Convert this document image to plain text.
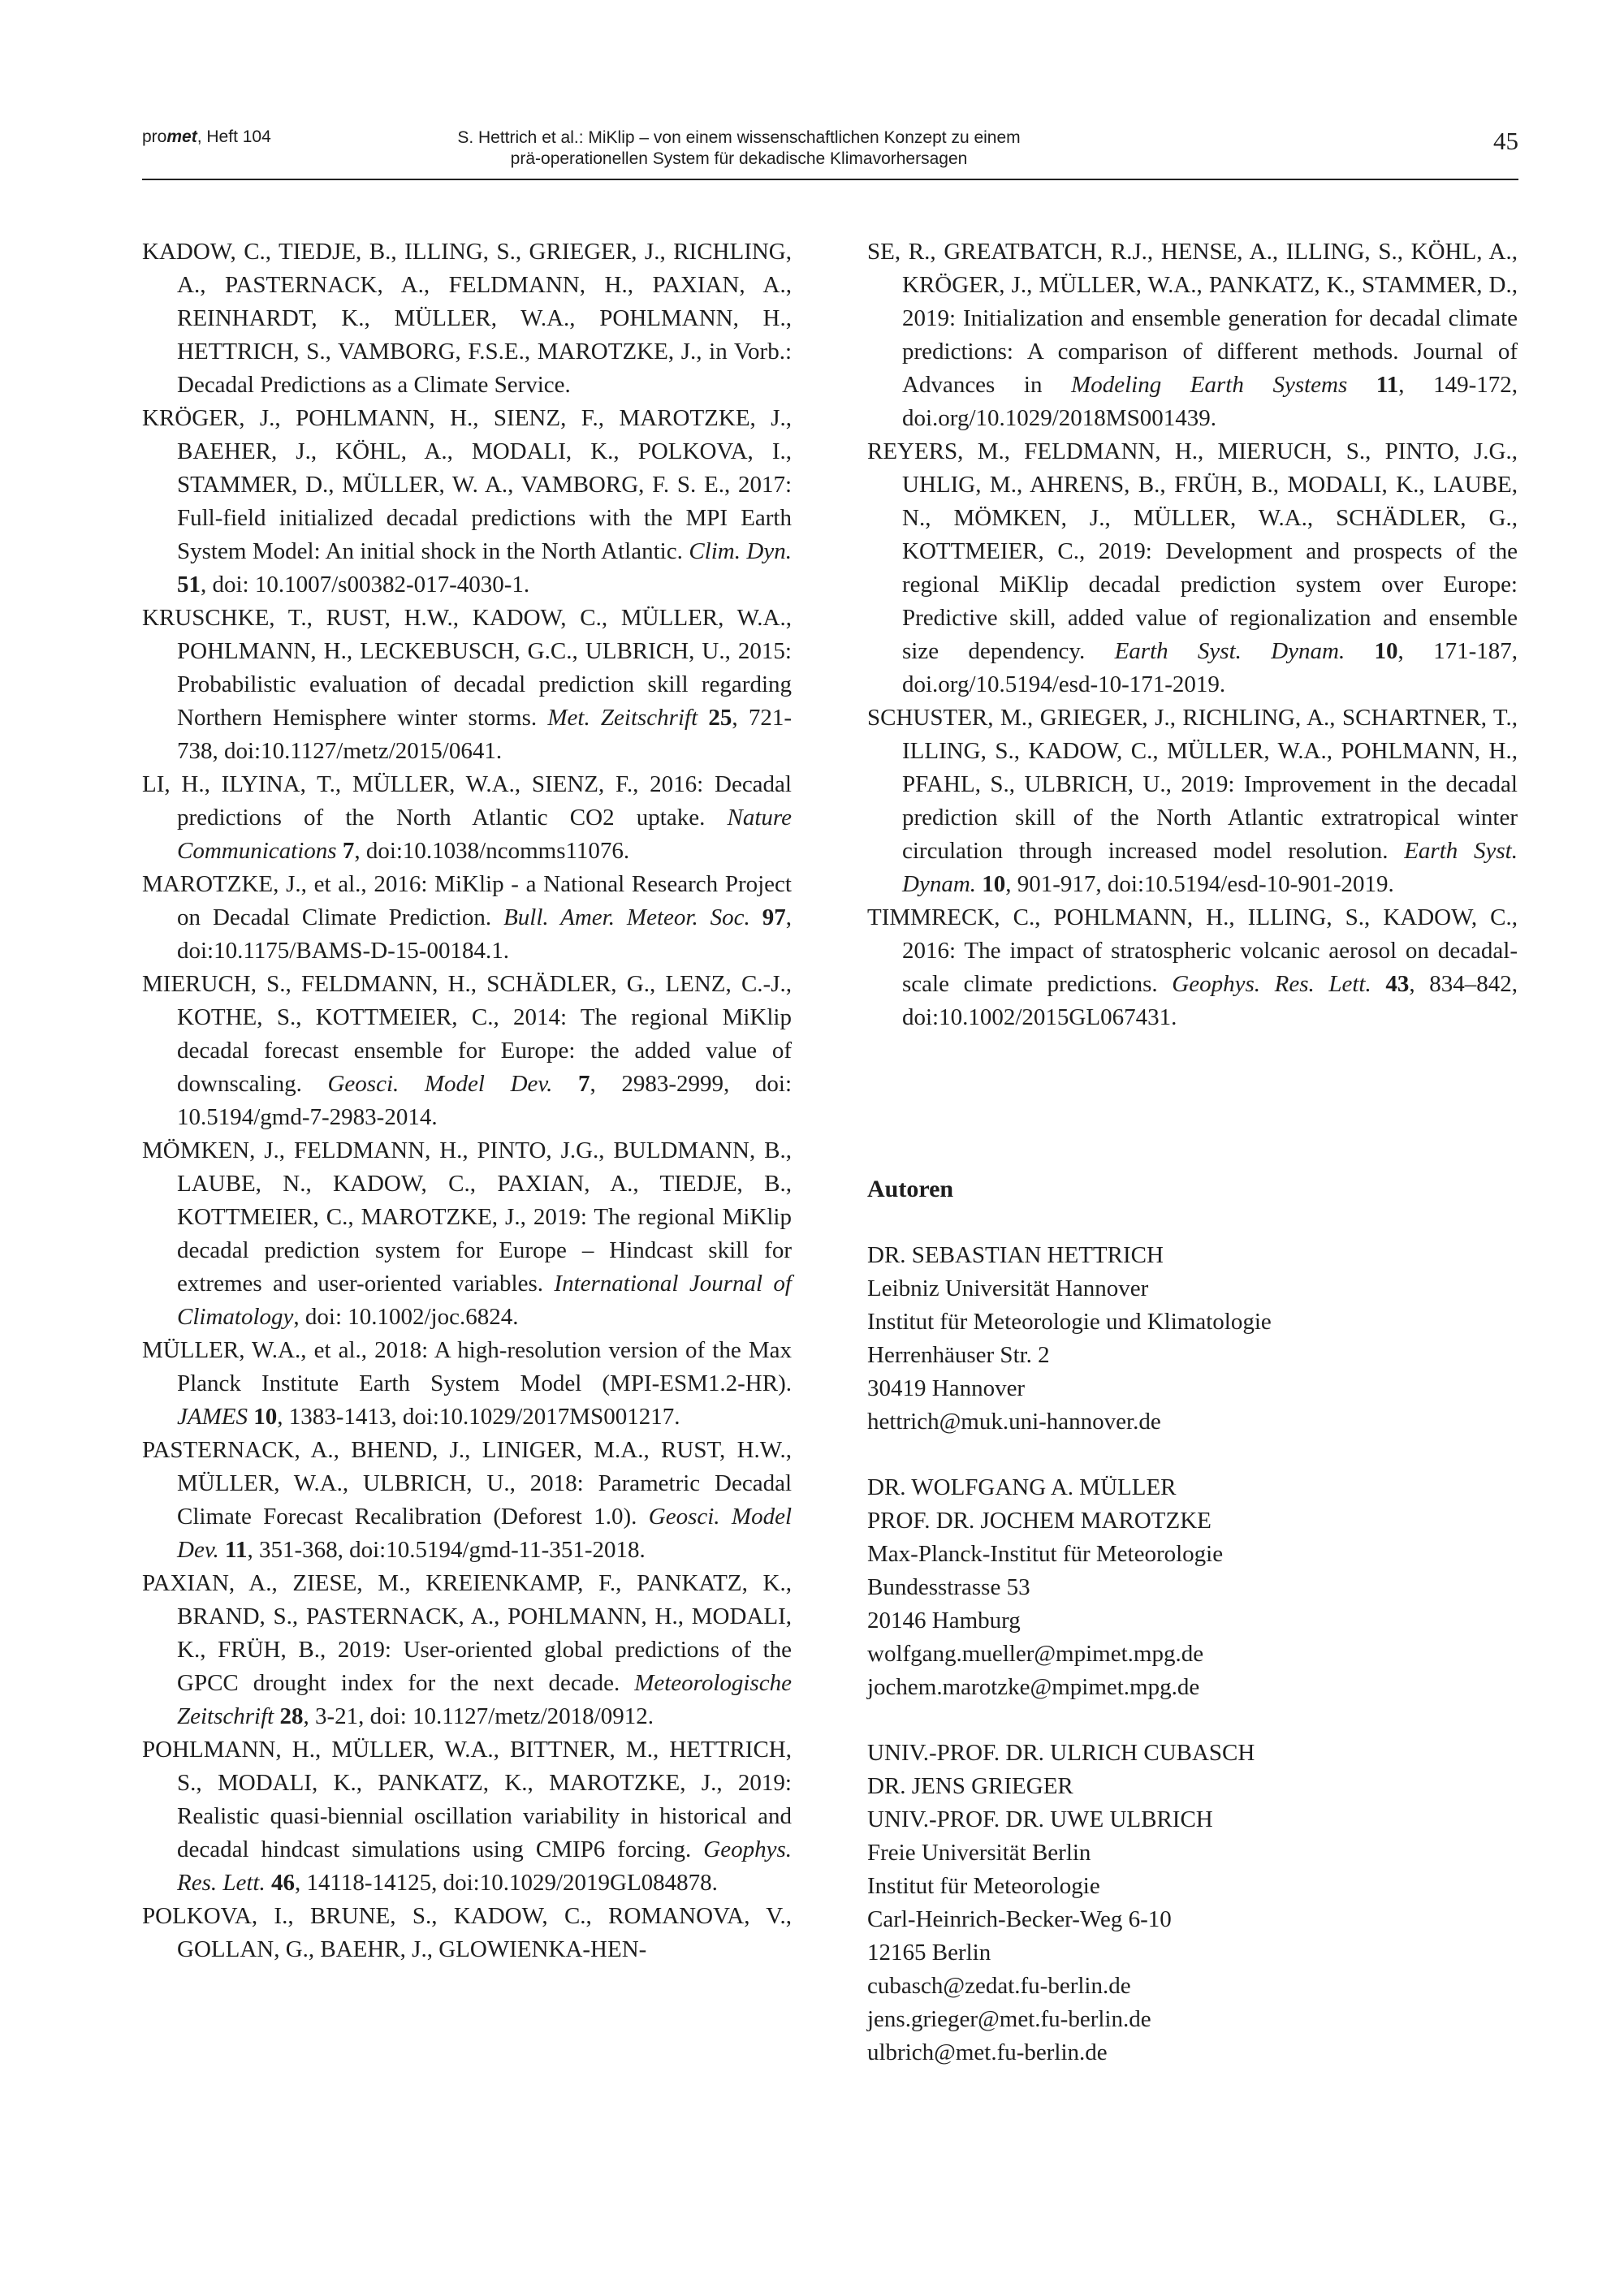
promet, Heft 104	S. Hettrich et al.: MiKlip – von einem wissenschaftlichen Konzept zu einem
prä-operationellen System für dekadische Klimavorhersagen
45

KADOW, C., TIEDJE, B., ILLING, S., GRIEGER, J., RICHLING, A., PASTERNACK, A., FELDMANN, H., PAXIAN, A., REINHARDT, K., MÜLLER, W.A., POHLMANN, H., HETTRICH, S., VAMBORG, F.S.E., MAROTZKE, J., in Vorb.: Decadal Predictions as a Climate Service.

KRÖGER, J., POHLMANN, H., SIENZ, F., MAROTZKE, J., BAEHER, J., KÖHL, A., MODALI, K., POLKOVA, I., STAMMER, D., MÜLLER, W. A., VAMBORG, F. S. E., 2017: Full-field initialized decadal predictions with the MPI Earth System Model: An initial shock in the North Atlantic. Clim. Dyn. 51, doi: 10.1007/s00382-017-4030-1.

KRUSCHKE, T., RUST, H.W., KADOW, C., MÜLLER, W.A., POHLMANN, H., LECKEBUSCH, G.C., ULBRICH, U., 2015: Probabilistic evaluation of decadal prediction skill regarding Northern Hemisphere winter storms. Met. Zeitschrift 25, 721-738, doi:10.1127/metz/2015/0641.

LI, H., ILYINA, T., MÜLLER, W.A., SIENZ, F., 2016: Decadal predictions of the North Atlantic CO2 uptake. Nature Communications 7, doi:10.1038/ncomms11076.

MAROTZKE, J., et al., 2016: MiKlip - a National Research Project on Decadal Climate Prediction. Bull. Amer. Meteor. Soc. 97, doi:10.1175/BAMS-D-15-00184.1.

MIERUCH, S., FELDMANN, H., SCHÄDLER, G., LENZ, C.-J., KOTHE, S., KOTTMEIER, C., 2014: The regional MiKlip decadal forecast ensemble for Europe: the added value of downscaling. Geosci. Model Dev. 7, 2983-2999, doi: 10.5194/gmd-7-2983-2014.

MÖMKEN, J., FELDMANN, H., PINTO, J.G., BULDMANN, B., LAUBE, N., KADOW, C., PAXIAN, A., TIEDJE, B., KOTTMEIER, C., MAROTZKE, J., 2019: The regional MiKlip decadal prediction system for Europe – Hindcast skill for extremes and user-oriented variables. International Journal of Climatology, doi: 10.1002/joc.6824.

MÜLLER, W.A., et al., 2018: A high-resolution version of the Max Planck Institute Earth System Model (MPI-ESM1.2-HR). JAMES 10, 1383-1413, doi:10.1029/2017MS001217.

PASTERNACK, A., BHEND, J., LINIGER, M.A., RUST, H.W., MÜLLER, W.A., ULBRICH, U., 2018: Parametric Decadal Climate Forecast Recalibration (Deforest 1.0). Geosci. Model Dev. 11, 351-368, doi:10.5194/gmd-11-351-2018.

PAXIAN, A., ZIESE, M., KREIENKAMP, F., PANKATZ, K., BRAND, S., PASTERNACK, A., POHLMANN, H., MODALI, K., FRÜH, B., 2019: User-oriented global predictions of the GPCC drought index for the next decade. Meteorologische Zeitschrift 28, 3-21, doi: 10.1127/metz/2018/0912.

POHLMANN, H., MÜLLER, W.A., BITTNER, M., HETTRICH, S., MODALI, K., PANKATZ, K., MAROTZKE, J., 2019: Realistic quasi-biennial oscillation variability in historical and decadal hindcast simulations using CMIP6 forcing. Geophys. Res. Lett. 46, 14118-14125, doi:10.1029/2019GL084878.

POLKOVA, I., BRUNE, S., KADOW, C., ROMANOVA, V., GOLLAN, G., BAEHR, J., GLOWIENKA-HEN-

SE, R., GREATBATCH, R.J., HENSE, A., ILLING, S., KÖHL, A., KRÖGER, J., MÜLLER, W.A., PANKATZ, K., STAMMER, D., 2019: Initialization and ensemble generation for decadal climate predictions: A comparison of different methods. Journal of Advances in Modeling Earth Systems 11, 149-172, doi.org/10.1029/2018MS001439.

REYERS, M., FELDMANN, H., MIERUCH, S., PINTO, J.G., UHLIG, M., AHRENS, B., FRÜH, B., MODALI, K., LAUBE, N., MÖMKEN, J., MÜLLER, W.A., SCHÄDLER, G., KOTTMEIER, C., 2019: Development and prospects of the regional MiKlip decadal prediction system over Europe: Predictive skill, added value of regionalization and ensemble size dependency. Earth Syst. Dynam. 10, 171-187, doi.org/10.5194/esd-10-171-2019.

SCHUSTER, M., GRIEGER, J., RICHLING, A., SCHARTNER, T., ILLING, S., KADOW, C., MÜLLER, W.A., POHLMANN, H., PFAHL, S., ULBRICH, U., 2019: Improvement in the decadal prediction skill of the North Atlantic extratropical winter circulation through increased model resolution. Earth Syst. Dynam. 10, 901-917, doi:10.5194/esd-10-901-2019.

TIMMRECK, C., POHLMANN, H., ILLING, S., KADOW, C., 2016: The impact of stratospheric volcanic aerosol on decadal-scale climate predictions. Geophys. Res. Lett. 43, 834–842, doi:10.1002/2015GL067431.

Autoren
DR. SEBASTIAN HETTRICH
Leibniz Universität Hannover
Institut für Meteorologie und Klimatologie
Herrenhäuser Str. 2
30419 Hannover
hettrich@muk.uni-hannover.de
DR. WOLFGANG A. MÜLLER
PROF. DR. JOCHEM MAROTZKE
Max-Planck-Institut für Meteorologie
Bundesstrasse 53
20146 Hamburg
wolfgang.mueller@mpimet.mpg.de
jochem.marotzke@mpimet.mpg.de
UNIV.-PROF. DR. ULRICH CUBASCH
DR. JENS GRIEGER
UNIV.-PROF. DR. UWE ULBRICH
Freie Universität Berlin
Institut für Meteorologie
Carl-Heinrich-Becker-Weg 6-10
12165 Berlin
cubasch@zedat.fu-berlin.de
jens.grieger@met.fu-berlin.de
ulbrich@met.fu-berlin.de
